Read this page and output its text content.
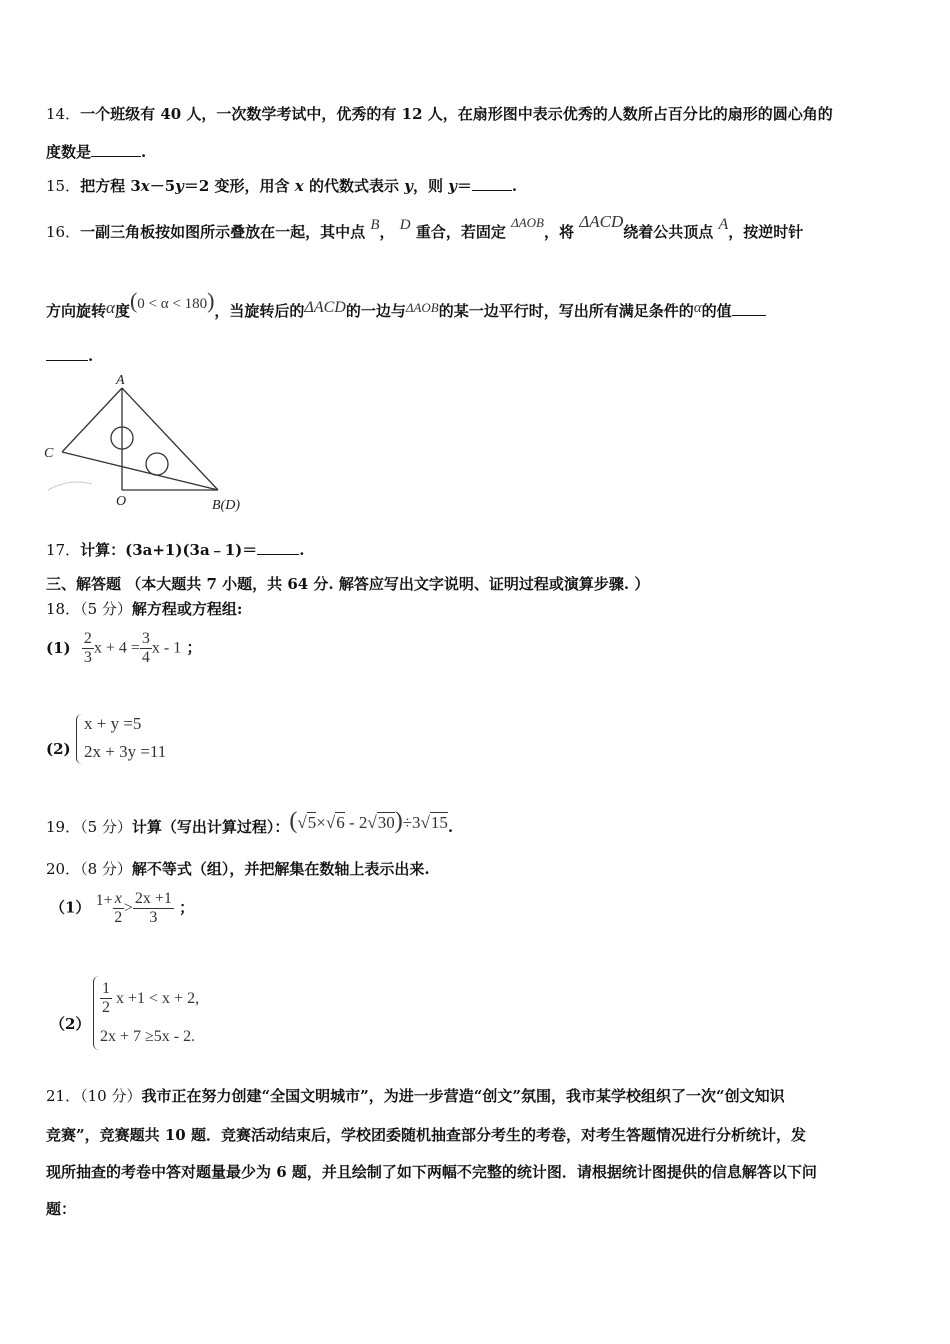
14．一个班级有 40 人，一次数学考试中，优秀的有 12 人，在扇形图中表示优秀的人数所占百分比的扇形的圆心角的
度数是	.
15．把方程 3x－5y＝2 变形，用含 x 的代数式表示 y，则 y＝	.
16．一副三角板按如图所示叠放在一起，其中点 B， D 重合，若固定 ΔAOB，将 ΔACD绕着公共顶点 A，按逆时针
方向旋转α度(0 < α < 180)，当旋转后的ΔACD的一边与ΔAOB的某一边平行时，写出所有满足条件的α的值
.
A
C
O	B(D)
17．计算：(3a+1)(3a﹣1)＝	.
三、解答题 （本大题共 7 小题，共 64 分. 解答应写出文字说明、证明过程或演算步骤. ）
18．（5 分）解方程或方程组:
$(1) \frac{2}{3}$ $x + 4 = \frac{3}{4}$ x - 1 ；
(2)
x + y =5
2x + 3y =11
19．（5 分）计算（写出计算过程）：(√5×√6 - 2√30)÷3√15.
20．（8 分）解不等式（组），并把解集在数轴上表示出来.
（1） $1+ \frac{x}{2} > \frac{2x +1}{3}$ ；
（2）
$\frac{1}{2}$ x +1 < x + 2,
2x + 7 ≥5x - 2.
21．（10 分）我市正在努力创建“全国文明城市”，为进一步营造“创文”氛围，我市某学校组织了一次“创文知识
竞赛”，竞赛题共 10 题．竞赛活动结束后，学校团委随机抽查部分考生的考卷，对考生答题情况进行分析统计，发
现所抽查的考卷中答对题量最少为 6 题，并且绘制了如下两幅不完整的统计图．请根据统计图提供的信息解答以下问
题：
